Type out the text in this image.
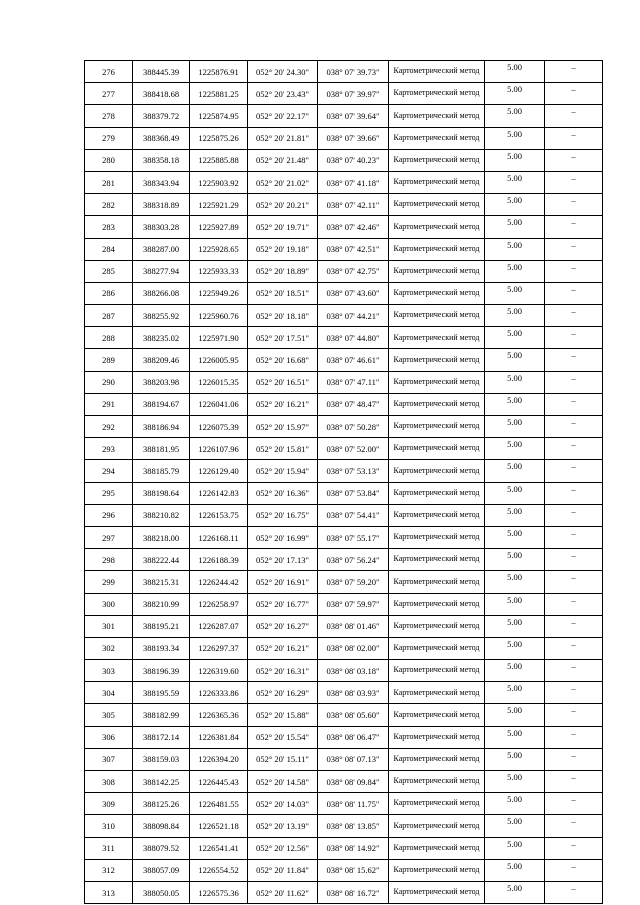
276	388445.39	1225876.91	052° 20' 24.30"	038° 07' 39.73"	Картометрический метод	5.00	–
277	388418.68	1225881.25	052° 20' 23.43"	038° 07' 39.97"	Картометрический метод	5.00	–
278	388379.72	1225874.95	052° 20' 22.17"	038° 07' 39.64"	Картометрический метод	5.00	–
279	388368.49	1225875.26	052° 20' 21.81"	038° 07' 39.66"	Картометрический метод	5.00	–
280	388358.18	1225885.88	052° 20' 21.48"	038° 07' 40.23"	Картометрический метод	5.00	–
281	388343.94	1225903.92	052° 20' 21.02"	038° 07' 41.18"	Картометрический метод	5.00	–
282	388318.89	1225921.29	052° 20' 20.21"	038° 07' 42.11"	Картометрический метод	5.00	–
283	388303.28	1225927.89	052° 20' 19.71"	038° 07' 42.46"	Картометрический метод	5.00	–
284	388287.00	1225928.65	052° 20' 19.18"	038° 07' 42.51"	Картометрический метод	5.00	–
285	388277.94	1225933.33	052° 20' 18.89"	038° 07' 42.75"	Картометрический метод	5.00	–
286	388266.08	1225949.26	052° 20' 18.51"	038° 07' 43.60"	Картометрический метод	5.00	–
287	388255.92	1225960.76	052° 20' 18.18"	038° 07' 44.21"	Картометрический метод	5.00	–
288	388235.02	1225971.90	052° 20' 17.51"	038° 07' 44.80"	Картометрический метод	5.00	–
289	388209.46	1226005.95	052° 20' 16.68"	038° 07' 46.61"	Картометрический метод	5.00	–
290	388203.98	1226015.35	052° 20' 16.51"	038° 07' 47.11"	Картометрический метод	5.00	–
291	388194.67	1226041.06	052° 20' 16.21"	038° 07' 48.47"	Картометрический метод	5.00	–
292	388186.94	1226075.39	052° 20' 15.97"	038° 07' 50.28"	Картометрический метод	5.00	–
293	388181.95	1226107.96	052° 20' 15.81"	038° 07' 52.00"	Картометрический метод	5.00	–
294	388185.79	1226129.40	052° 20' 15.94"	038° 07' 53.13"	Картометрический метод	5.00	–
295	388198.64	1226142.83	052° 20' 16.36"	038° 07' 53.84"	Картометрический метод	5.00	–
296	388210.82	1226153.75	052° 20' 16.75"	038° 07' 54.41"	Картометрический метод	5.00	–
297	388218.00	1226168.11	052° 20' 16.99"	038° 07' 55.17"	Картометрический метод	5.00	–
298	388222.44	1226188.39	052° 20' 17.13"	038° 07' 56.24"	Картометрический метод	5.00	–
299	388215.31	1226244.42	052° 20' 16.91"	038° 07' 59.20"	Картометрический метод	5.00	–
300	388210.99	1226258.97	052° 20' 16.77"	038° 07' 59.97"	Картометрический метод	5.00	–
301	388195.21	1226287.07	052° 20' 16.27"	038° 08' 01.46"	Картометрический метод	5.00	–
302	388193.34	1226297.37	052° 20' 16.21"	038° 08' 02.00"	Картометрический метод	5.00	–
303	388196.39	1226319.60	052° 20' 16.31"	038° 08' 03.18"	Картометрический метод	5.00	–
304	388195.59	1226333.86	052° 20' 16.29"	038° 08' 03.93"	Картометрический метод	5.00	–
305	388182.99	1226365.36	052° 20' 15.88"	038° 08' 05.60"	Картометрический метод	5.00	–
306	388172.14	1226381.84	052° 20' 15.54"	038° 08' 06.47"	Картометрический метод	5.00	–
307	388159.03	1226394.20	052° 20' 15.11"	038° 08' 07.13"	Картометрический метод	5.00	–
308	388142.25	1226445.43	052° 20' 14.58"	038° 08' 09.84"	Картометрический метод	5.00	–
309	388125.26	1226481.55	052° 20' 14.03"	038° 08' 11.75"	Картометрический метод	5.00	–
310	388098.84	1226521.18	052° 20' 13.19"	038° 08' 13.85"	Картометрический метод	5.00	–
311	388079.52	1226541.41	052° 20' 12.56"	038° 08' 14.92"	Картометрический метод	5.00	–
312	388057.09	1226554.52	052° 20' 11.84"	038° 08' 15.62"	Картометрический метод	5.00	–
313	388050.05	1226575.36	052° 20' 11.62"	038° 08' 16.72"	Картометрический метод	5.00	–
